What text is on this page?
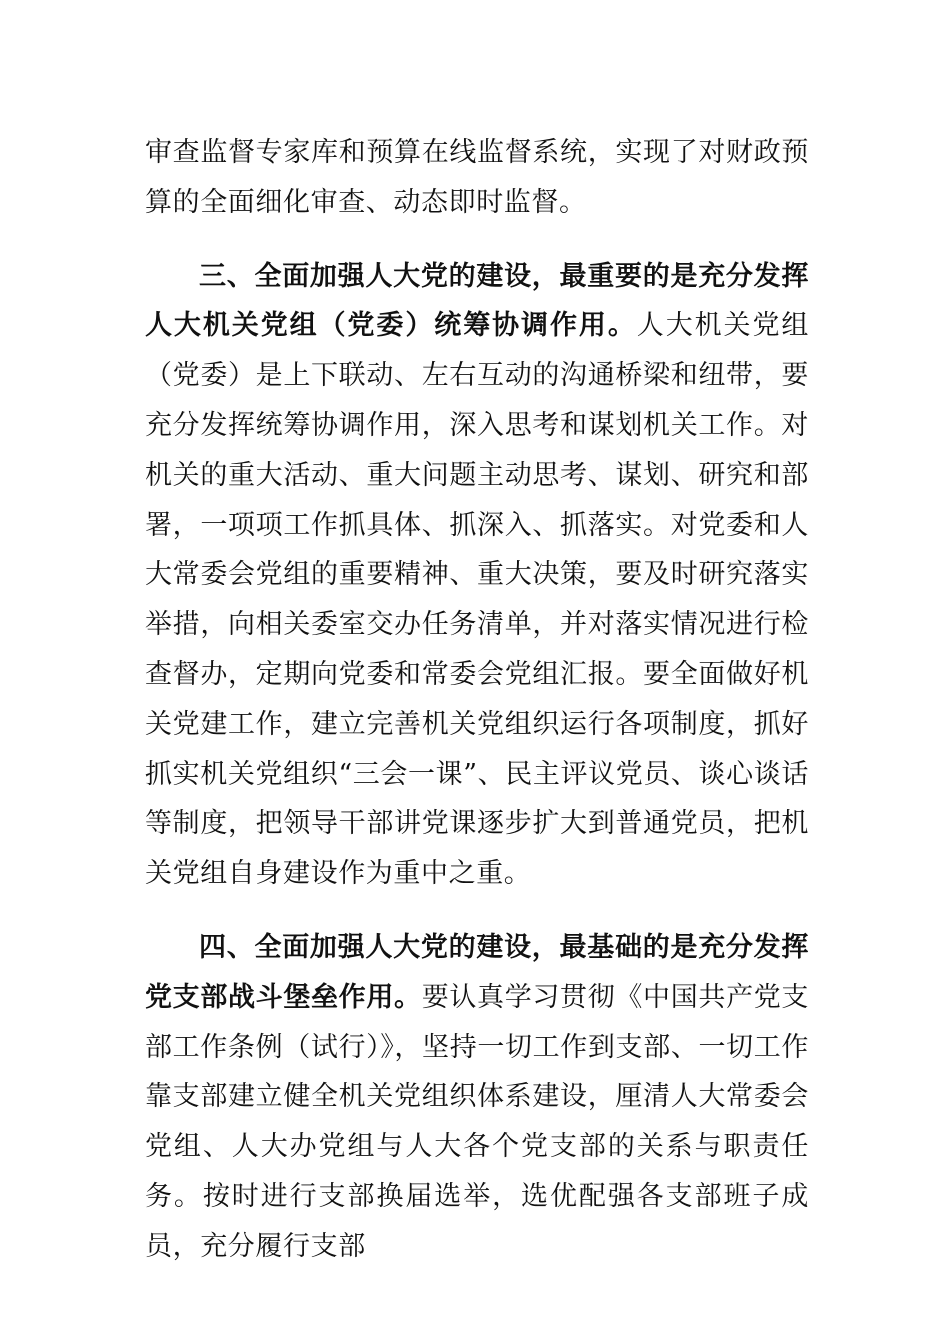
审查监督专家库和预算在线监督系统，实现了对财政预算的全面细化审查、动态即时监督。

三、全面加强人大党的建设，最重要的是充分发挥人大机关党组（党委）统筹协调作用。人大机关党组（党委）是上下联动、左右互动的沟通桥梁和纽带，要充分发挥统筹协调作用，深入思考和谋划机关工作。对机关的重大活动、重大问题主动思考、谋划、研究和部署，一项项工作抓具体、抓深入、抓落实。对党委和人大常委会党组的重要精神、重大决策，要及时研究落实举措，向相关委室交办任务清单，并对落实情况进行检查督办，定期向党委和常委会党组汇报。要全面做好机关党建工作，建立完善机关党组织运行各项制度，抓好抓实机关党组织“三会一课”、民主评议党员、谈心谈话等制度，把领导干部讲党课逐步扩大到普通党员，把机关党组自身建设作为重中之重。

四、全面加强人大党的建设，最基础的是充分发挥党支部战斗堡垒作用。要认真学习贯彻《中国共产党支部工作条例（试行）》，坚持一切工作到支部、一切工作靠支部建立健全机关党组织体系建设，厘清人大常委会党组、人大办党组与人大各个党支部的关系与职责任务。按时进行支部换届选举，选优配强各支部班子成员，充分履行支部
